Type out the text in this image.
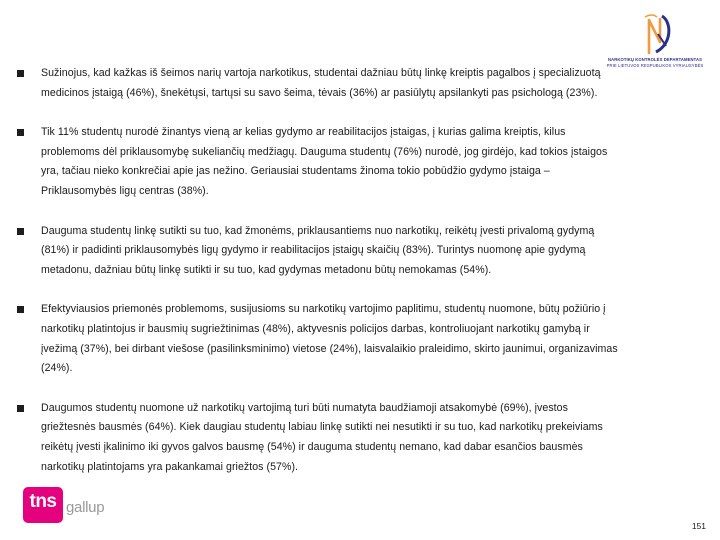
NARKOTIKŲ KONTROLĖS DEPARTAMENTAS
PRIE LIETUVOS RESPUBLIKOS VYRIAUSYBĖS

Sužinojus, kad kažkas iš šeimos narių vartoja narkotikus, studentai dažniau būtų linkę kreiptis pagalbos į specializuotą

medicinos įstaigą (46%), šnekėtųsi, tartųsi su savo šeima, tėvais (36%) ar pasiūlytų apsilankyti pas psichologą (23%).

Tik 11% studentų nurodė žinantys vieną ar kelias gydymo ar reabilitacijos įstaigas, į kurias galima kreiptis, kilus

problemoms dėl priklausomybę sukeliančių medžiagų. Dauguma studentų (76%) nurodė, jog girdėjo, kad tokios įstaigos

yra, tačiau nieko konkrečiai apie jas nežino. Geriausiai studentams žinoma tokio pobūdžio gydymo įstaiga –

Priklausomybės ligų centras (38%).

Dauguma studentų linkę sutikti su tuo, kad žmonėms, priklausantiems nuo narkotikų, reikėtų įvesti privalomą gydymą

(81%) ir padidinti priklausomybės ligų gydymo ir reabilitacijos įstaigų skaičių (83%). Turintys nuomonę apie gydymą

metadonu, dažniau būtų linkę sutikti ir su tuo, kad gydymas metadonu būtų nemokamas (54%).

Efektyviausios priemonės problemoms, susijusioms su narkotikų vartojimo paplitimu, studentų nuomone, būtų požiūrio į

narkotikų platintojus ir bausmių sugriežtinimas (48%), aktyvesnis policijos darbas, kontroliuojant narkotikų gamybą ir

įvežimą (37%), bei dirbant viešose (pasilinksminimo) vietose (24%), laisvalaikio praleidimo, skirto jaunimui, organizavimas

(24%).

Daugumos studentų nuomone už narkotikų vartojimą turi būti numatyta baudžiamoji atsakomybė (69%), įvestos

griežtesnės bausmės (64%). Kiek daugiau studentų labiau linkę sutikti nei nesutikti ir su tuo, kad narkotikų prekeiviams

reikėtų įvesti įkalinimo iki gyvos galvos bausmę (54%) ir dauguma studentų nemano, kad dabar esančios bausmės

narkotikų platintojams yra pakankamai griežtos (57%).

tns gallup
151
